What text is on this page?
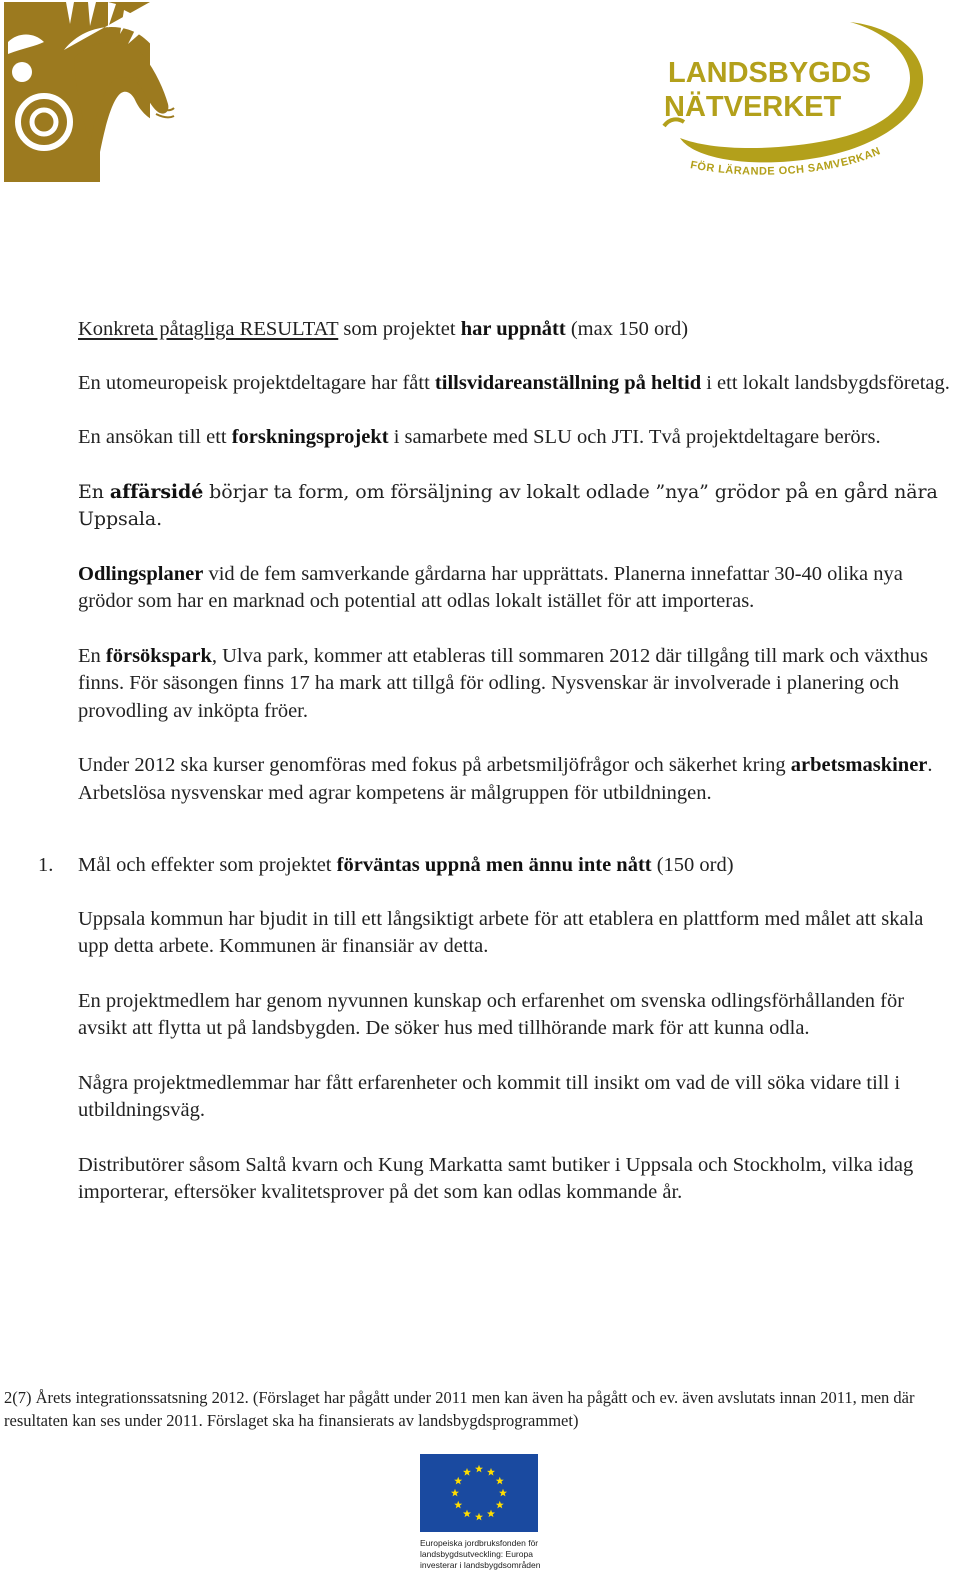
LANDSBYGDS
NÄTVERKET
FÖR LÄRANDE OCH SAMVERKAN

Konkreta påtagliga RESULTAT som projektet har uppnått (max 150 ord)

En utomeuropeisk projektdeltagare har fått tillsvidareanställning på heltid i ett lokalt landsbygdsföretag.

En ansökan till ett forskningsprojekt i samarbete med SLU och JTI. Två projektdeltagare berörs.

En affärsidé börjar ta form, om försäljning av lokalt odlade ”nya” grödor på en gård nära Uppsala.

Odlingsplaner vid de fem samverkande gårdarna har upprättats. Planerna innefattar 30-40 olika nya grödor som har en marknad och potential att odlas lokalt istället för att importeras.

En försökspark, Ulva park, kommer att etableras till sommaren 2012 där tillgång till mark och växthus finns. För säsongen finns 17 ha mark att tillgå för odling. Nysvenskar är involverade i planering och provodling av inköpta fröer.

Under 2012 ska kurser genomföras med fokus på arbetsmiljöfrågor och säkerhet kring arbetsmaskiner. Arbetslösa nysvenskar med agrar kompetens är målgruppen för utbildningen.

1. Mål och effekter som projektet förväntas uppnå men ännu inte nått (150 ord)

Uppsala kommun har bjudit in till ett långsiktigt arbete för att etablera en plattform med målet att skala upp detta arbete. Kommunen är finansiär av detta.

En projektmedlem har genom nyvunnen kunskap och erfarenhet om svenska odlingsförhållanden för avsikt att flytta ut på landsbygden. De söker hus med tillhörande mark för att kunna odla.

Några projektmedlemmar har fått erfarenheter och kommit till insikt om vad de vill söka vidare till i utbildningsväg.

Distributörer såsom Saltå kvarn och Kung Markatta samt butiker i Uppsala och Stockholm, vilka idag importerar, eftersöker kvalitetsprover på det som kan odlas kommande år.

2(7) Årets integrationssatsning 2012. (Förslaget har pågått under 2011 men kan även ha pågått och ev. även avslutats innan 2011, men där resultaten kan ses under 2011. Förslaget ska ha finansierats av landsbygdsprogrammet)
Europeiska jordbruksfonden för
landsbygdsutveckling: Europa
investerar i landsbygdsområden
